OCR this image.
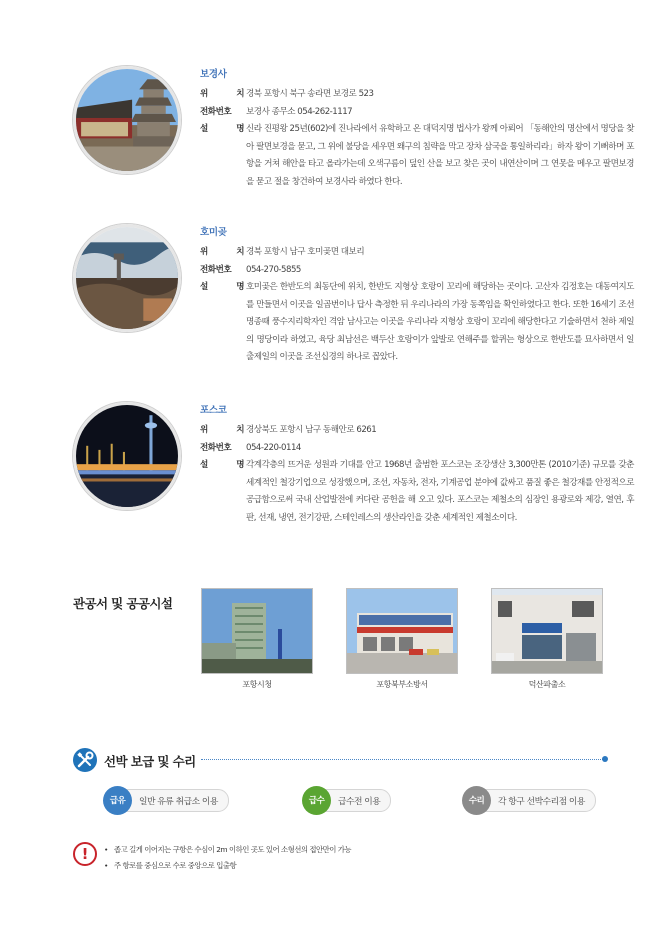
보경사
위	치 경북 포항시 북구 송라면 보경로 523
전화번호	보경사 종무소 054-262-1117
설	명 신라 진평왕 25년(602)에 진나라에서 유학하고 온 대덕지명 법사가 왕께 아뢰어 「동해안의 명산에서 명당을 찾아 팔면보경을 묻고, 그 위에 불당을 세우면 왜구의 침략을 막고 장차 삼국을 통일하리라」하자 왕이 기뻐하며 포항을 거쳐 해안을 타고 올라가는데 오색구름이 덮인 산을 보고 찾은 곳이 내연산이며 그 연못을 메우고 팔면보경을 묻고 절을 창건하여 보경사라 하였다 한다.
호미곶
위	치 경북 포항시 남구 호미곶면 대보리
전화번호	054-270-5855
설	명 호미곶은 한반도의 최동단에 위치, 한반도 지형상 호랑이 꼬리에 해당하는 곳이다. 고산자 김정호는 대동여지도를 만들면서 이곳을 일곱번이나 답사 측정한 뒤 우리나라의 가장 동쪽임을 확인하였다고 한다. 또한 16세기 조선 명종때 풍수지리학자인 격암 남사고는 이곳을 우리나라 지형상 호랑이 꼬리에 해당한다고 기술하면서 천하 제일의 명당이라 하였고, 육당 최남선은 백두산 호랑이가 앞발로 연해주를 할퀴는 형상으로 한반도를 묘사하면서 일출제일의 이곳을 조선십경의 하나로 꼽았다.
포스코
위	치 경상북도 포항시 남구 동해안로 6261
전화번호	054-220-0114
설	명 각계각층의 뜨거운 성원과 기대를 안고 1968년 출범한 포스코는 조강생산 3,300만톤 (2010기준) 규모를 갖춘 세계적인 철강기업으로 성장했으며, 조선, 자동차, 전자, 기계공업 분야에 값싸고 품질 좋은 철강재를 안정적으로 공급함으로써 국내 산업발전에 커다란 공헌을 해 오고 있다. 포스코는 제철소의 심장인 용광로와 제강, 열연, 후판, 선재, 냉연, 전기강판, 스테인레스의 생산라인을 갖춘 세계적인 제철소이다.
관공서 및 공공시설
포항시청	포항북부소방서	덕산파출소
선박 보급 및 수리
급유	일반 유류 취급소 이용	급수	급수전 이용	수리	각 항구 선박수리점 이용
!	• 좁고 길게 이어지는 구항은 수심이 2m 이하인 곳도 있어 소형선의 접안만이 가능
• 주 항로를 중심으로 수로 중앙으로 입출항
